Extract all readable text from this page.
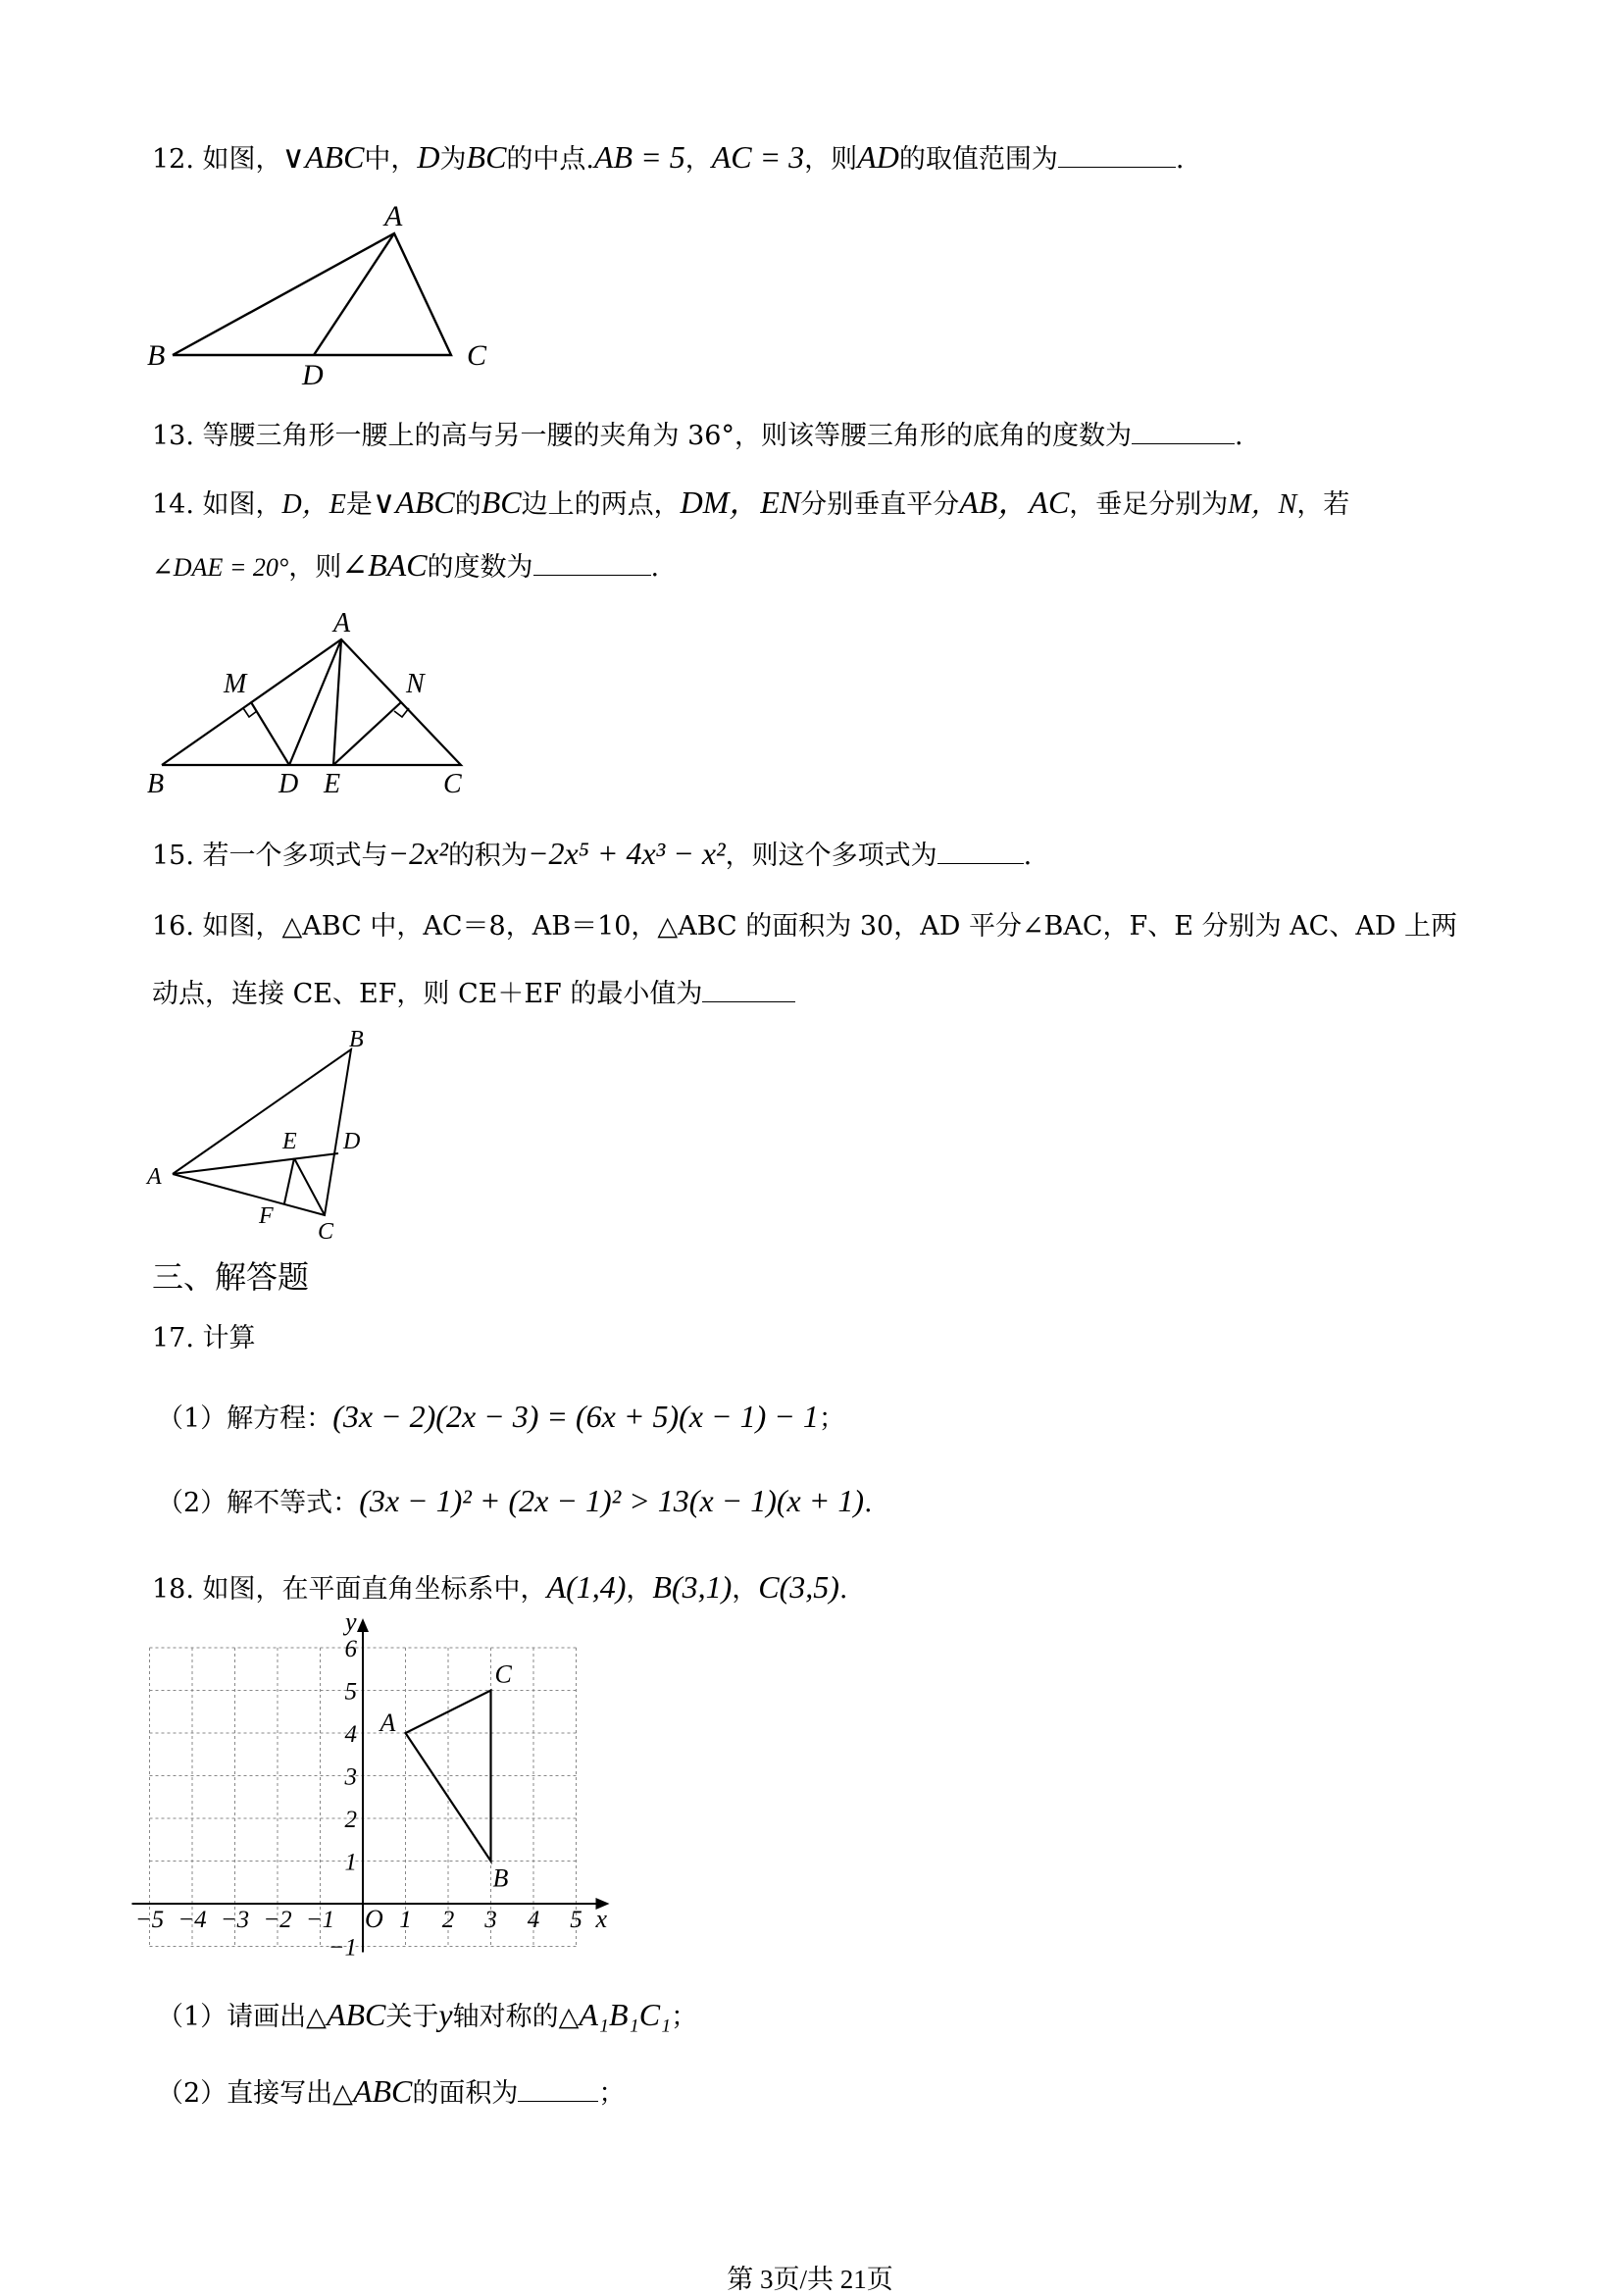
12. 如图，∨ABC中，D为BC的中点.AB = 5，AC = 3，则AD的取值范围为	.
A
B	C
D
13. 等腰三角形一腰上的高与另一腰的夹角为 36°，则该等腰三角形的底角的度数为	.
14. 如图，D，E是∨ABC的BC边上的两点，DM，EN分别垂直平分AB，AC，垂足分别为M，N，若
∠DAE = 20°，则∠BAC的度数为	.
A
M	N
B	D E	C
15. 若一个多项式与−2x²的积为−2x⁵ + 4x³ − x²，则这个多项式为	.
16. 如图，△ABC 中，AC＝8，AB＝10，△ABC 的面积为 30，AD 平分∠BAC，F、E 分别为 AC、AD 上两
动点，连接 CE、EF，则 CE＋EF 的最小值为
B
E D
A
F
C
三、解答题
17. 计算
（1）解方程：(3x − 2)(2x − 3) = (6x + 5)(x − 1) − 1；
（2）解不等式：(3x − 1)² + (2x − 1)² > 13(x − 1)(x + 1).
18. 如图，在平面直角坐标系中，A(1,4)，B(3,1)，C(3,5).
x
y
O
−5 −4 −3 −2 −1	1 2 3 4 5
−1
1
2
3
4
5
6
A
B
C
（1）请画出△ABC关于y轴对称的△A₁B₁C₁；
（2）直接写出△ABC的面积为	；
第 3页/共 21页
